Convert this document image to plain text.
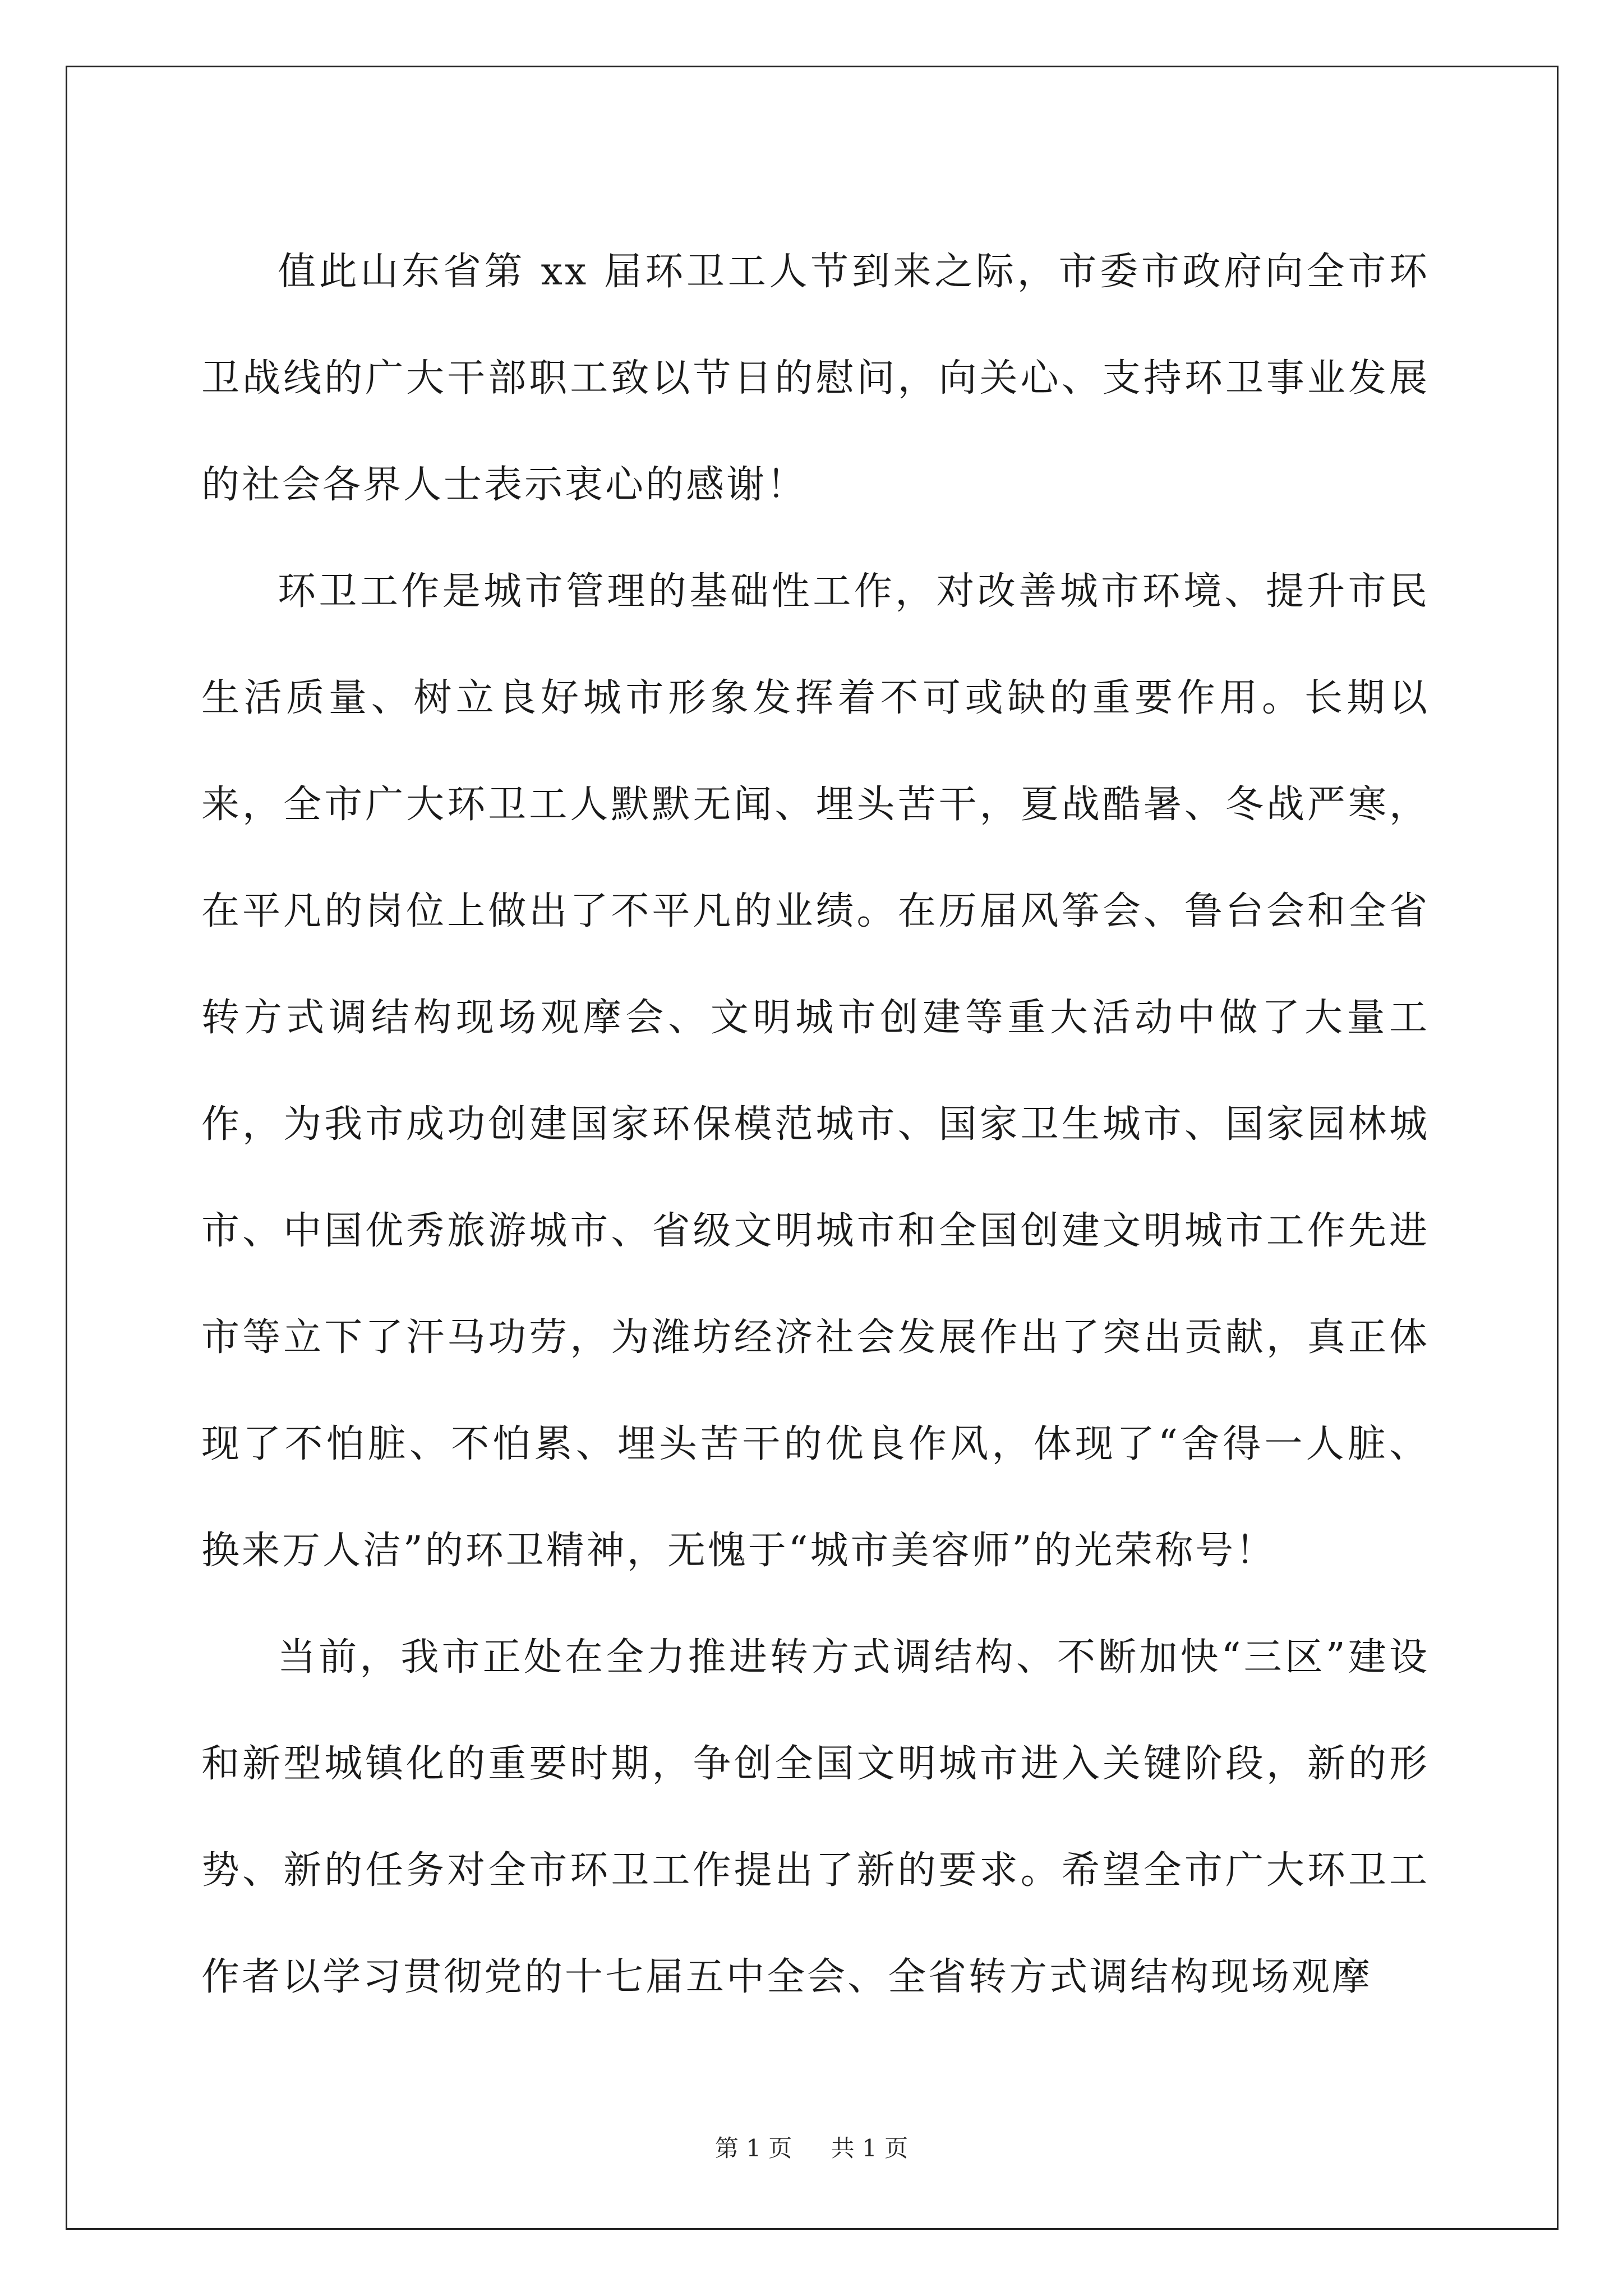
值此山东省第 xx 届环卫工人节到来之际，市委市政府向全市环卫战线的广大干部职工致以节日的慰问，向关心、支持环卫事业发展的社会各界人士表示衷心的感谢！

环卫工作是城市管理的基础性工作，对改善城市环境、提升市民生活质量、树立良好城市形象发挥着不可或缺的重要作用。长期以来，全市广大环卫工人默默无闻、埋头苦干，夏战酷暑、冬战严寒，在平凡的岗位上做出了不平凡的业绩。在历届风筝会、鲁台会和全省转方式调结构现场观摩会、文明城市创建等重大活动中做了大量工作，为我市成功创建国家环保模范城市、国家卫生城市、国家园林城市、中国优秀旅游城市、省级文明城市和全国创建文明城市工作先进市等立下了汗马功劳，为潍坊经济社会发展作出了突出贡献，真正体现了不怕脏、不怕累、埋头苦干的优良作风，体现了“舍得一人脏、换来万人洁”的环卫精神，无愧于“城市美容师”的光荣称号！

当前，我市正处在全力推进转方式调结构、不断加快“三区”建设和新型城镇化的重要时期，争创全国文明城市进入关键阶段，新的形势、新的任务对全市环卫工作提出了新的要求。希望全市广大环卫工作者以学习贯彻党的十七届五中全会、全省转方式调结构现场观摩

第 1 页 共 1 页
